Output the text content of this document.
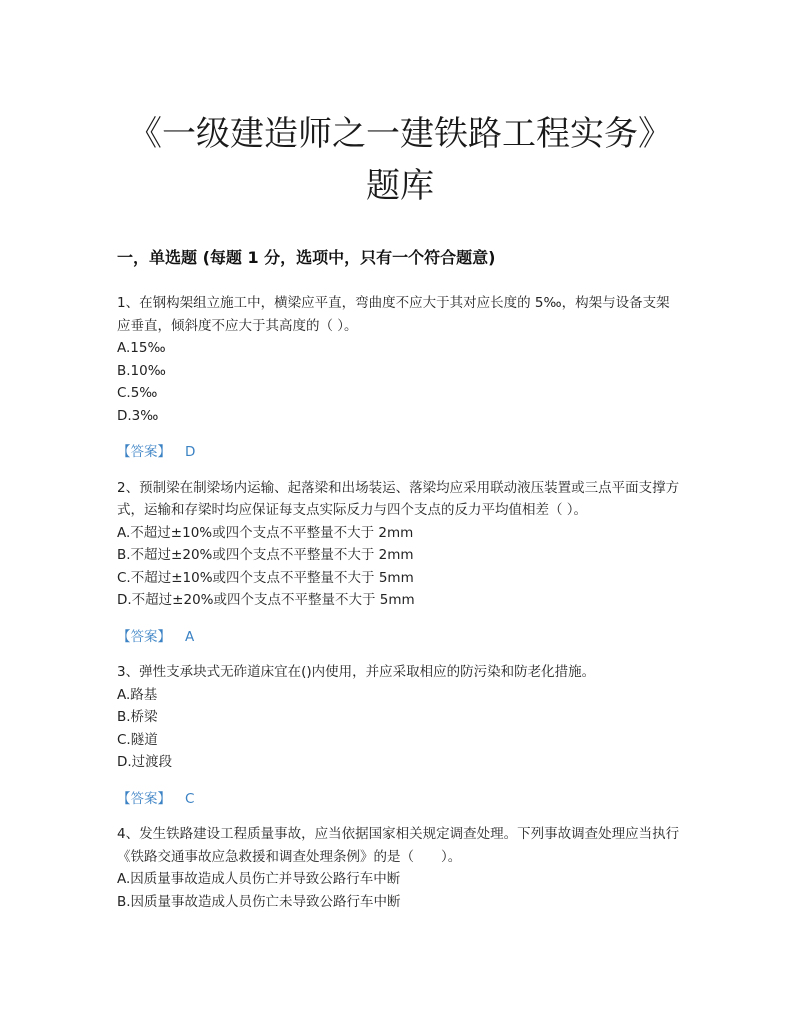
《一级建造师之一建铁路工程实务》
题库
一，单选题 (每题 1 分，选项中，只有一个符合题意)

1、在钢构架组立施工中，横梁应平直，弯曲度不应大于其对应长度的 5‰，构架与设备支架应垂直，倾斜度不应大于其高度的（ ）。

A.15‰

B.10‰

C.5‰

D.3‰

【答案】 D

2、预制梁在制梁场内运输、起落梁和出场装运、落梁均应采用联动液压装置或三点平面支撑方式，运输和存梁时均应保证每支点实际反力与四个支点的反力平均值相差（ ）。

A.不超过±10%或四个支点不平整量不大于 2mm

B.不超过±20%或四个支点不平整量不大于 2mm

C.不超过±10%或四个支点不平整量不大于 5mm

D.不超过±20%或四个支点不平整量不大于 5mm

【答案】 A

3、弹性支承块式无砟道床宜在()内使用，并应采取相应的防污染和防老化措施。

A.路基

B.桥梁

C.隧道

D.过渡段

【答案】 C

4、发生铁路建设工程质量事故，应当依据国家相关规定调查处理。下列事故调查处理应当执行《铁路交通事故应急救援和调查处理条例》的是（　　）。

A.因质量事故造成人员伤亡并导致公路行车中断

B.因质量事故造成人员伤亡未导致公路行车中断
